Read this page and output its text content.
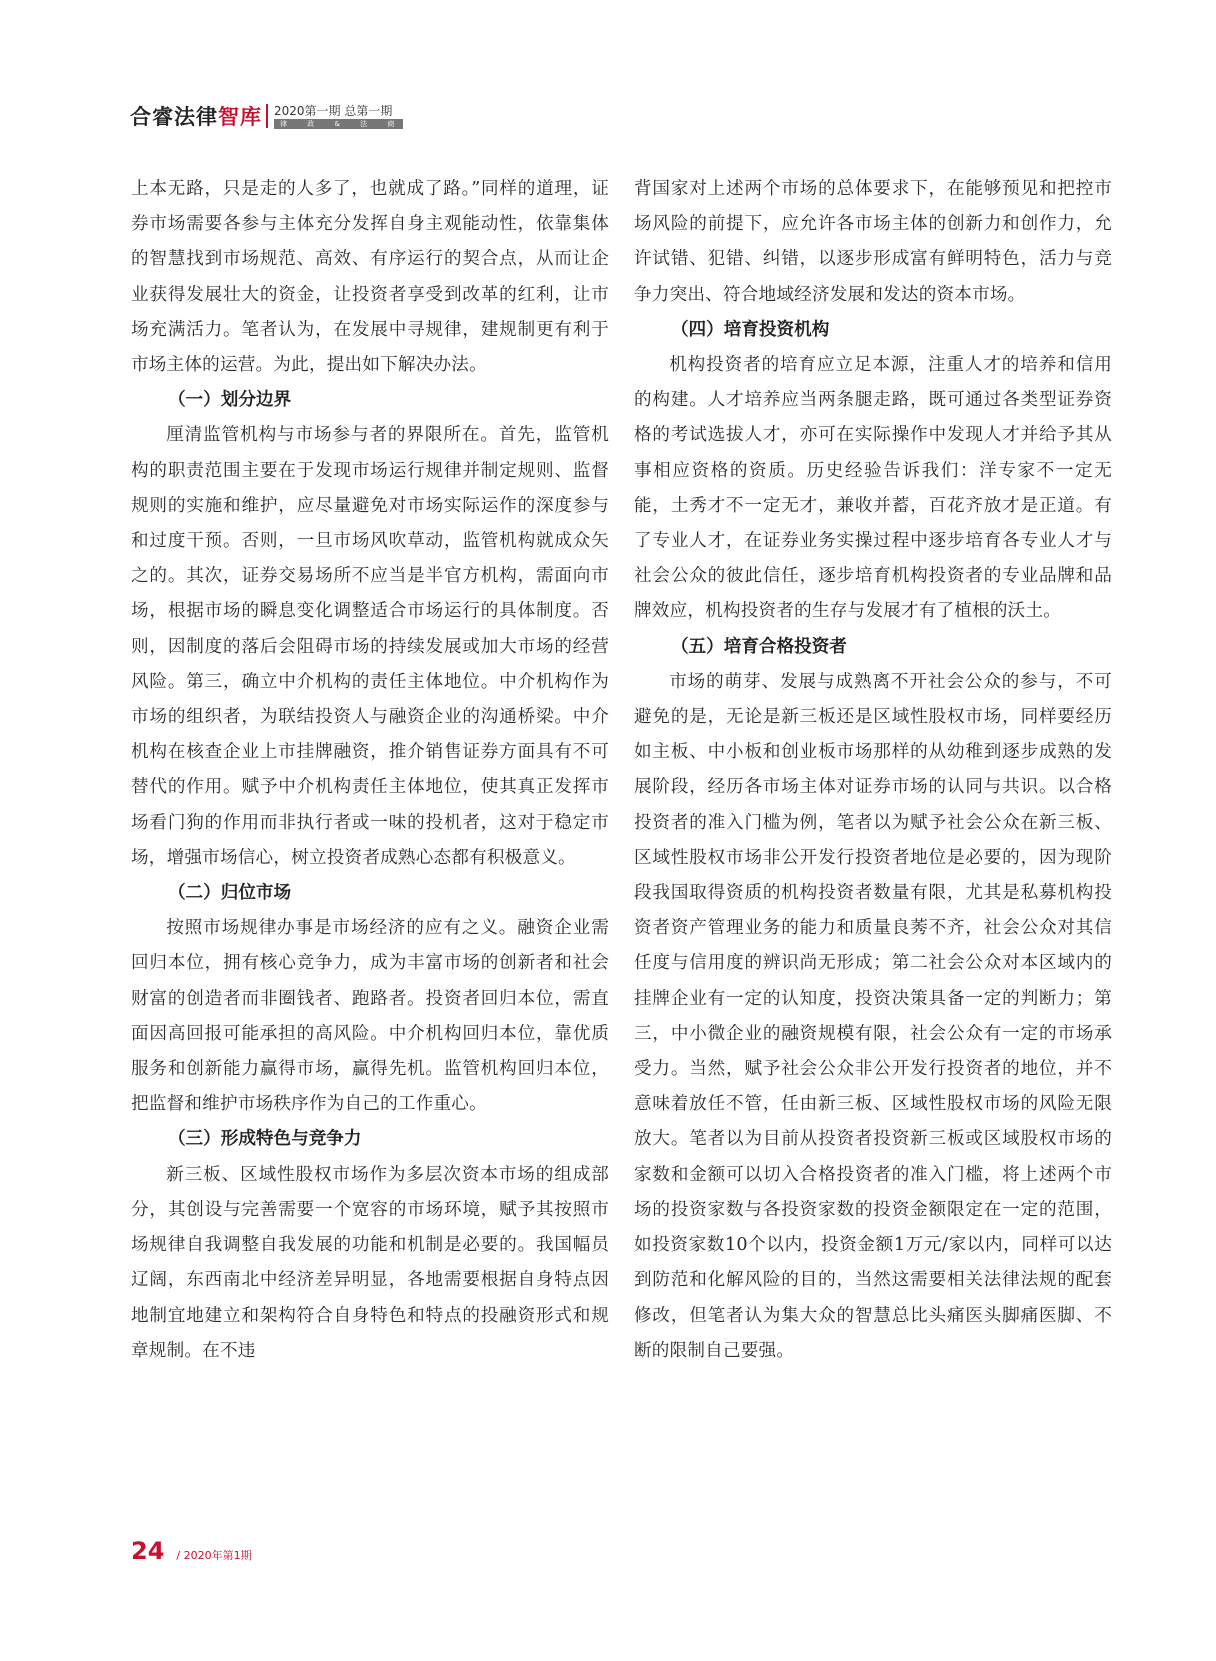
合睿法律智库 2020第一期 总第一期
律 政 & 法 商

上本无路，只是走的人多了，也就成了路。”同样的道理，证券市场需要各参与主体充分发挥自身主观能动性，依靠集体的智慧找到市场规范、高效、有序运行的契合点，从而让企业获得发展壮大的资金，让投资者享受到改革的红利，让市场充满活力。笔者认为，在发展中寻规律，建规制更有利于市场主体的运营。为此，提出如下解决办法。

（一）划分边界

厘清监管机构与市场参与者的界限所在。首先，监管机构的职责范围主要在于发现市场运行规律并制定规则、监督规则的实施和维护，应尽量避免对市场实际运作的深度参与和过度干预。否则，一旦市场风吹草动，监管机构就成众矢之的。其次，证券交易场所不应当是半官方机构，需面向市场，根据市场的瞬息变化调整适合市场运行的具体制度。否则，因制度的落后会阻碍市场的持续发展或加大市场的经营风险。第三，确立中介机构的责任主体地位。中介机构作为市场的组织者，为联结投资人与融资企业的沟通桥梁。中介机构在核查企业上市挂牌融资，推介销售证券方面具有不可替代的作用。赋予中介机构责任主体地位，使其真正发挥市场看门狗的作用而非执行者或一味的投机者，这对于稳定市场，增强市场信心，树立投资者成熟心态都有积极意义。

（二）归位市场

按照市场规律办事是市场经济的应有之义。融资企业需回归本位，拥有核心竞争力，成为丰富市场的创新者和社会财富的创造者而非圈钱者、跑路者。投资者回归本位，需直面因高回报可能承担的高风险。中介机构回归本位，靠优质服务和创新能力赢得市场，赢得先机。监管机构回归本位，把监督和维护市场秩序作为自己的工作重心。

（三）形成特色与竞争力

新三板、区域性股权市场作为多层次资本市场的组成部分，其创设与完善需要一个宽容的市场环境，赋予其按照市场规律自我调整自我发展的功能和机制是必要的。我国幅员辽阔，东西南北中经济差异明显，各地需要根据自身特点因地制宜地建立和架构符合自身特色和特点的投融资形式和规章规制。在不违

背国家对上述两个市场的总体要求下，在能够预见和把控市场风险的前提下，应允许各市场主体的创新力和创作力，允许试错、犯错、纠错，以逐步形成富有鲜明特色，活力与竞争力突出、符合地域经济发展和发达的资本市场。

（四）培育投资机构

机构投资者的培育应立足本源，注重人才的培养和信用的构建。人才培养应当两条腿走路，既可通过各类型证券资格的考试选拔人才，亦可在实际操作中发现人才并给予其从事相应资格的资质。历史经验告诉我们：洋专家不一定无能，土秀才不一定无才，兼收并蓄，百花齐放才是正道。有了专业人才，在证券业务实操过程中逐步培育各专业人才与社会公众的彼此信任，逐步培育机构投资者的专业品牌和品牌效应，机构投资者的生存与发展才有了植根的沃土。

（五）培育合格投资者

市场的萌芽、发展与成熟离不开社会公众的参与，不可避免的是，无论是新三板还是区域性股权市场，同样要经历如主板、中小板和创业板市场那样的从幼稚到逐步成熟的发展阶段，经历各市场主体对证券市场的认同与共识。以合格投资者的准入门槛为例，笔者以为赋予社会公众在新三板、区域性股权市场非公开发行投资者地位是必要的，因为现阶段我国取得资质的机构投资者数量有限，尤其是私募机构投资者资产管理业务的能力和质量良莠不齐，社会公众对其信任度与信用度的辨识尚无形成；第二社会公众对本区域内的挂牌企业有一定的认知度，投资决策具备一定的判断力；第三，中小微企业的融资规模有限，社会公众有一定的市场承受力。当然，赋予社会公众非公开发行投资者的地位，并不意味着放任不管，任由新三板、区域性股权市场的风险无限放大。笔者以为目前从投资者投资新三板或区域股权市场的家数和金额可以切入合格投资者的准入门槛，将上述两个市场的投资家数与各投资家数的投资金额限定在一定的范围，如投资家数10个以内，投资金额1万元/家以内，同样可以达到防范和化解风险的目的，当然这需要相关法律法规的配套修改，但笔者认为集大众的智慧总比头痛医头脚痛医脚、不断的限制自己要强。

24 / 2020年第1期
